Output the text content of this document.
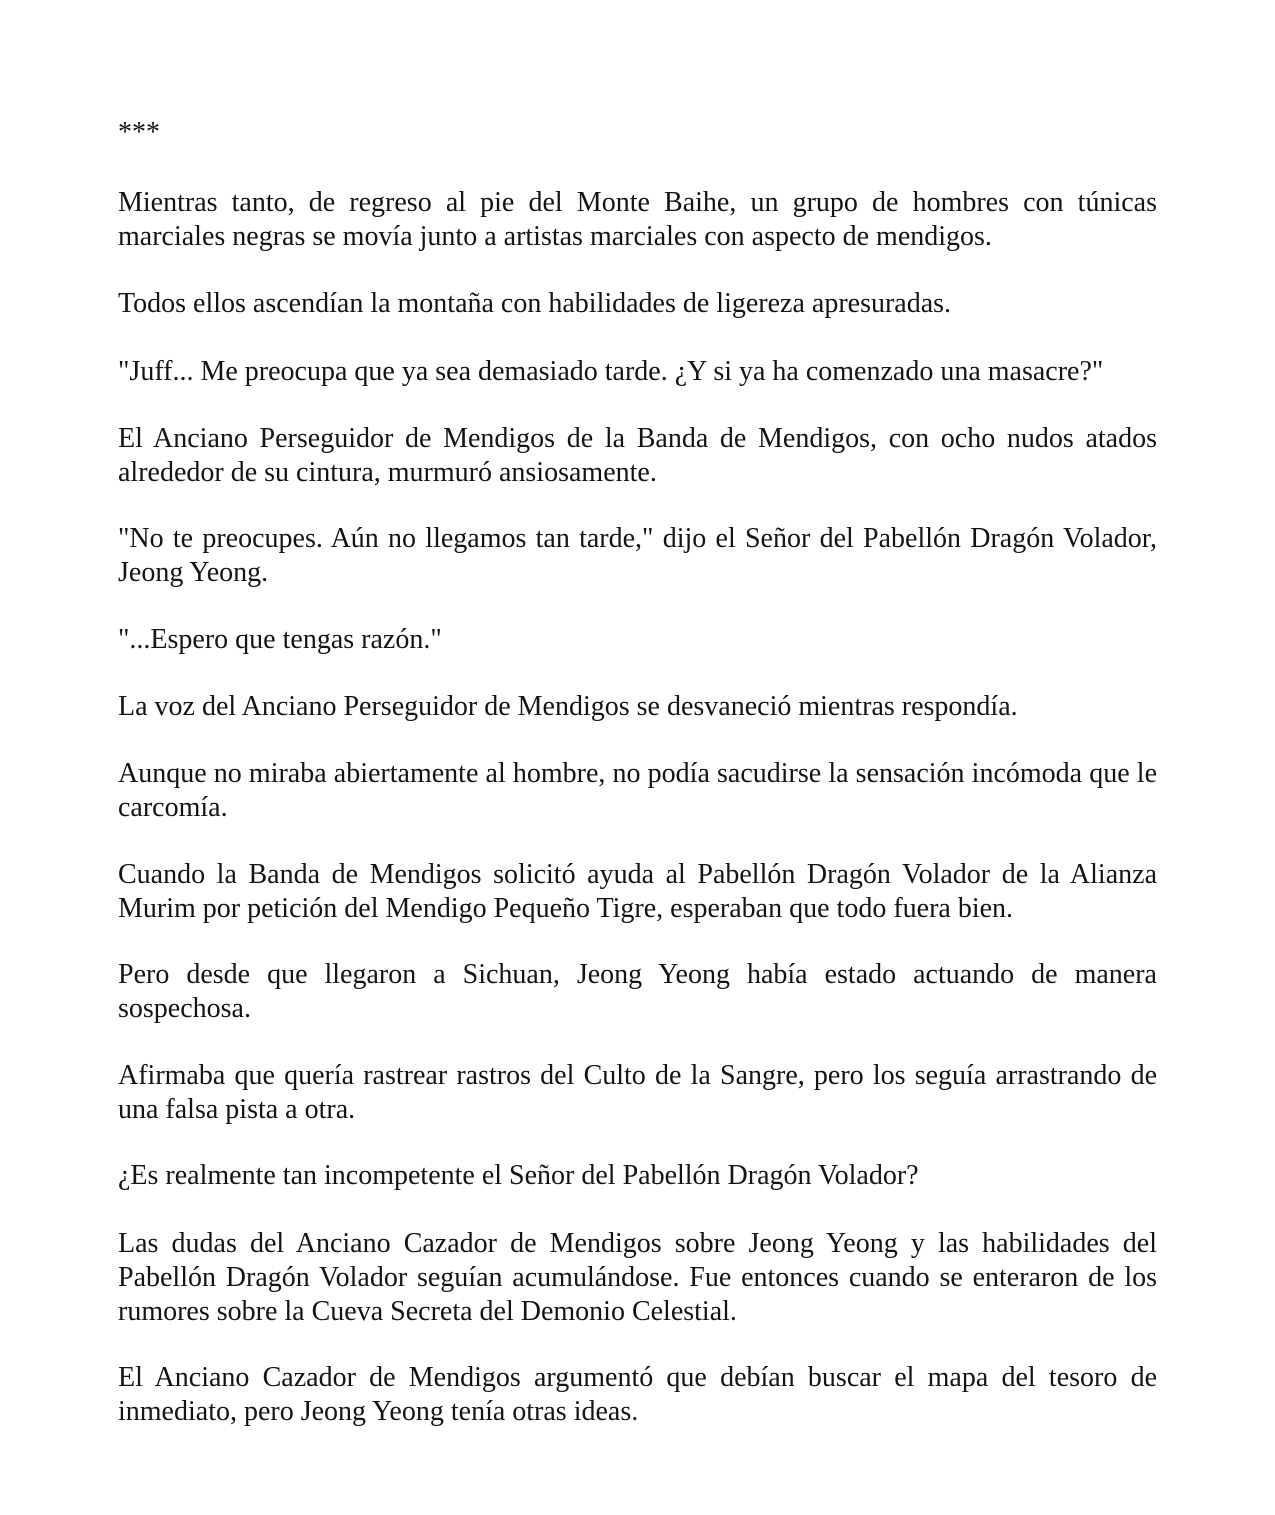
***

Mientras tanto, de regreso al pie del Monte Baihe, un grupo de hombres con túnicas marciales negras se movía junto a artistas marciales con aspecto de mendigos.

Todos ellos ascendían la montaña con habilidades de ligereza apresuradas.

"Juff... Me preocupa que ya sea demasiado tarde. ¿Y si ya ha comenzado una masacre?"

El Anciano Perseguidor de Mendigos de la Banda de Mendigos, con ocho nudos atados alrededor de su cintura, murmuró ansiosamente.

"No te preocupes. Aún no llegamos tan tarde," dijo el Señor del Pabellón Dragón Volador, Jeong Yeong.

"...Espero que tengas razón."

La voz del Anciano Perseguidor de Mendigos se desvaneció mientras respondía.

Aunque no miraba abiertamente al hombre, no podía sacudirse la sensación incómoda que le carcomía.

Cuando la Banda de Mendigos solicitó ayuda al Pabellón Dragón Volador de la Alianza Murim por petición del Mendigo Pequeño Tigre, esperaban que todo fuera bien.

Pero desde que llegaron a Sichuan, Jeong Yeong había estado actuando de manera sospechosa.

Afirmaba que quería rastrear rastros del Culto de la Sangre, pero los seguía arrastrando de una falsa pista a otra.

¿Es realmente tan incompetente el Señor del Pabellón Dragón Volador?

Las dudas del Anciano Cazador de Mendigos sobre Jeong Yeong y las habilidades del Pabellón Dragón Volador seguían acumulándose. Fue entonces cuando se enteraron de los rumores sobre la Cueva Secreta del Demonio Celestial.

El Anciano Cazador de Mendigos argumentó que debían buscar el mapa del tesoro de inmediato, pero Jeong Yeong tenía otras ideas.
